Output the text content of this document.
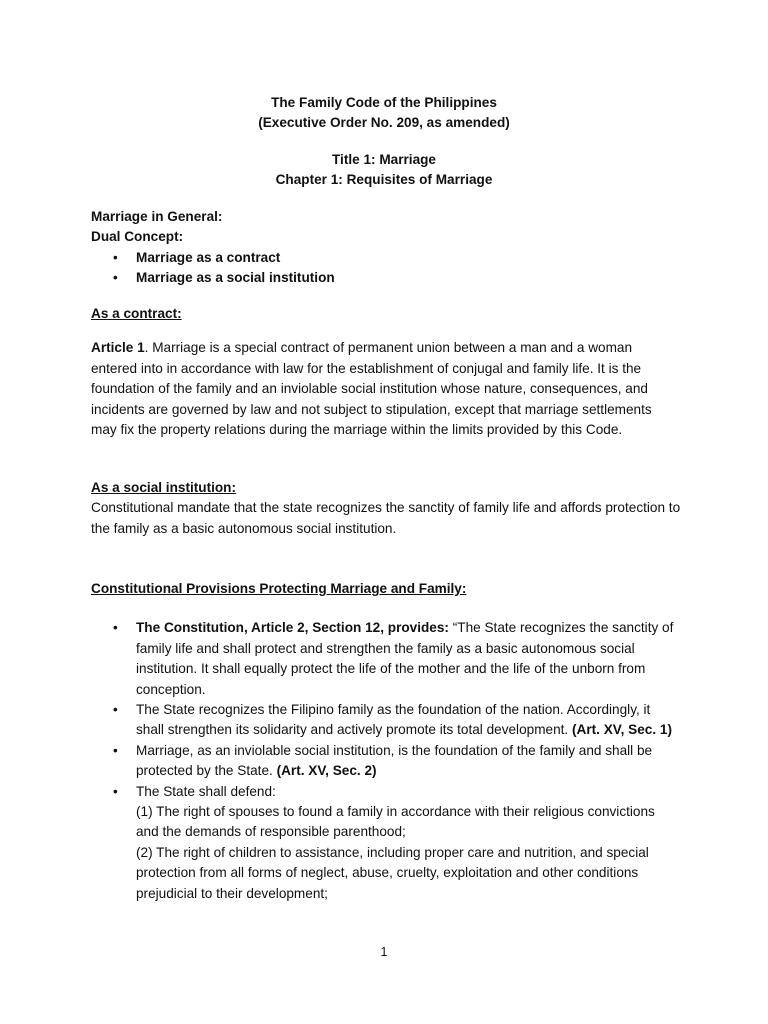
The Family Code of the Philippines
(Executive Order No. 209, as amended)
Title 1: Marriage
Chapter 1: Requisites of Marriage
Marriage in General:
Dual Concept:
• Marriage as a contract
• Marriage as a social institution
As a contract:

Article 1. Marriage is a special contract of permanent union between a man and a woman entered into in accordance with law for the establishment of conjugal and family life. It is the foundation of the family and an inviolable social institution whose nature, consequences, and incidents are governed by law and not subject to stipulation, except that marriage settlements may fix the property relations during the marriage within the limits provided by this Code.

As a social institution:

Constitutional mandate that the state recognizes the sanctity of family life and affords protection to the family as a basic autonomous social institution.

Constitutional Provisions Protecting Marriage and Family:
• The Constitution, Article 2, Section 12, provides: “The State recognizes the sanctity of family life and shall protect and strengthen the family as a basic autonomous social institution. It shall equally protect the life of the mother and the life of the unborn from conception.
• The State recognizes the Filipino family as the foundation of the nation. Accordingly, it shall strengthen its solidarity and actively promote its total development. (Art. XV, Sec. 1)
• Marriage, as an inviolable social institution, is the foundation of the family and shall be protected by the State. (Art. XV, Sec. 2)
• The State shall defend:
(1) The right of spouses to found a family in accordance with their religious convictions and the demands of responsible parenthood;
(2) The right of children to assistance, including proper care and nutrition, and special protection from all forms of neglect, abuse, cruelty, exploitation and other conditions prejudicial to their development;
1
